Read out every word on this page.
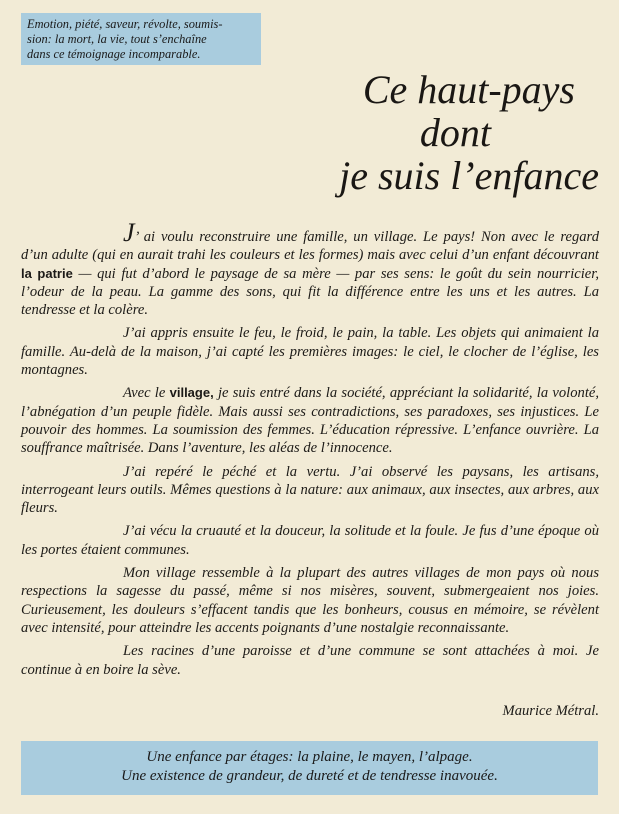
Emotion, piété, saveur, révolte, soumis-
sion: la mort, la vie, tout s’enchaîne
dans ce témoignage incomparable.
Ce haut-pays
dont
je suis l’enfance

J’ ai voulu reconstruire une famille, un village. Le pays! Non avec le regard d’un adulte (qui en aurait trahi les couleurs et les formes) mais avec celui d’un enfant découvrant la patrie — qui fut d’abord le paysage de sa mère — par ses sens: le goût du sein nourricier, l’odeur de la peau. La gamme des sons, qui fit la différence entre les uns et les autres. La tendresse et la colère.

J’ai appris ensuite le feu, le froid, le pain, la table. Les objets qui animaient la famille. Au-delà de la maison, j’ai capté les premières images: le ciel, le clocher de l’église, les montagnes.

Avec le village, je suis entré dans la société, appréciant la solidarité, la volonté, l’abnégation d’un peuple fidèle. Mais aussi ses contradictions, ses paradoxes, ses injustices. Le pouvoir des hommes. La soumission des femmes. L’éducation répressive. L’enfance ouvrière. La souffrance maîtrisée. Dans l’aventure, les aléas de l’innocence.

J’ai repéré le péché et la vertu. J’ai observé les paysans, les artisans, interrogeant leurs outils. Mêmes questions à la nature: aux animaux, aux insectes, aux arbres, aux fleurs.

J’ai vécu la cruauté et la douceur, la solitude et la foule. Je fus d’une époque où les portes étaient communes.

Mon village ressemble à la plupart des autres villages de mon pays où nous respections la sagesse du passé, même si nos misères, souvent, submergeaient nos joies. Curieusement, les douleurs s’effacent tandis que les bonheurs, cousus en mémoire, se révèlent avec intensité, pour atteindre les accents poignants d’une nostalgie reconnaissante.

Les racines d’une paroisse et d’une commune se sont attachées à moi. Je continue à en boire la sève.

Maurice Métral.
Une enfance par étages: la plaine, le mayen, l’alpage.
Une existence de grandeur, de dureté et de tendresse inavouée.
